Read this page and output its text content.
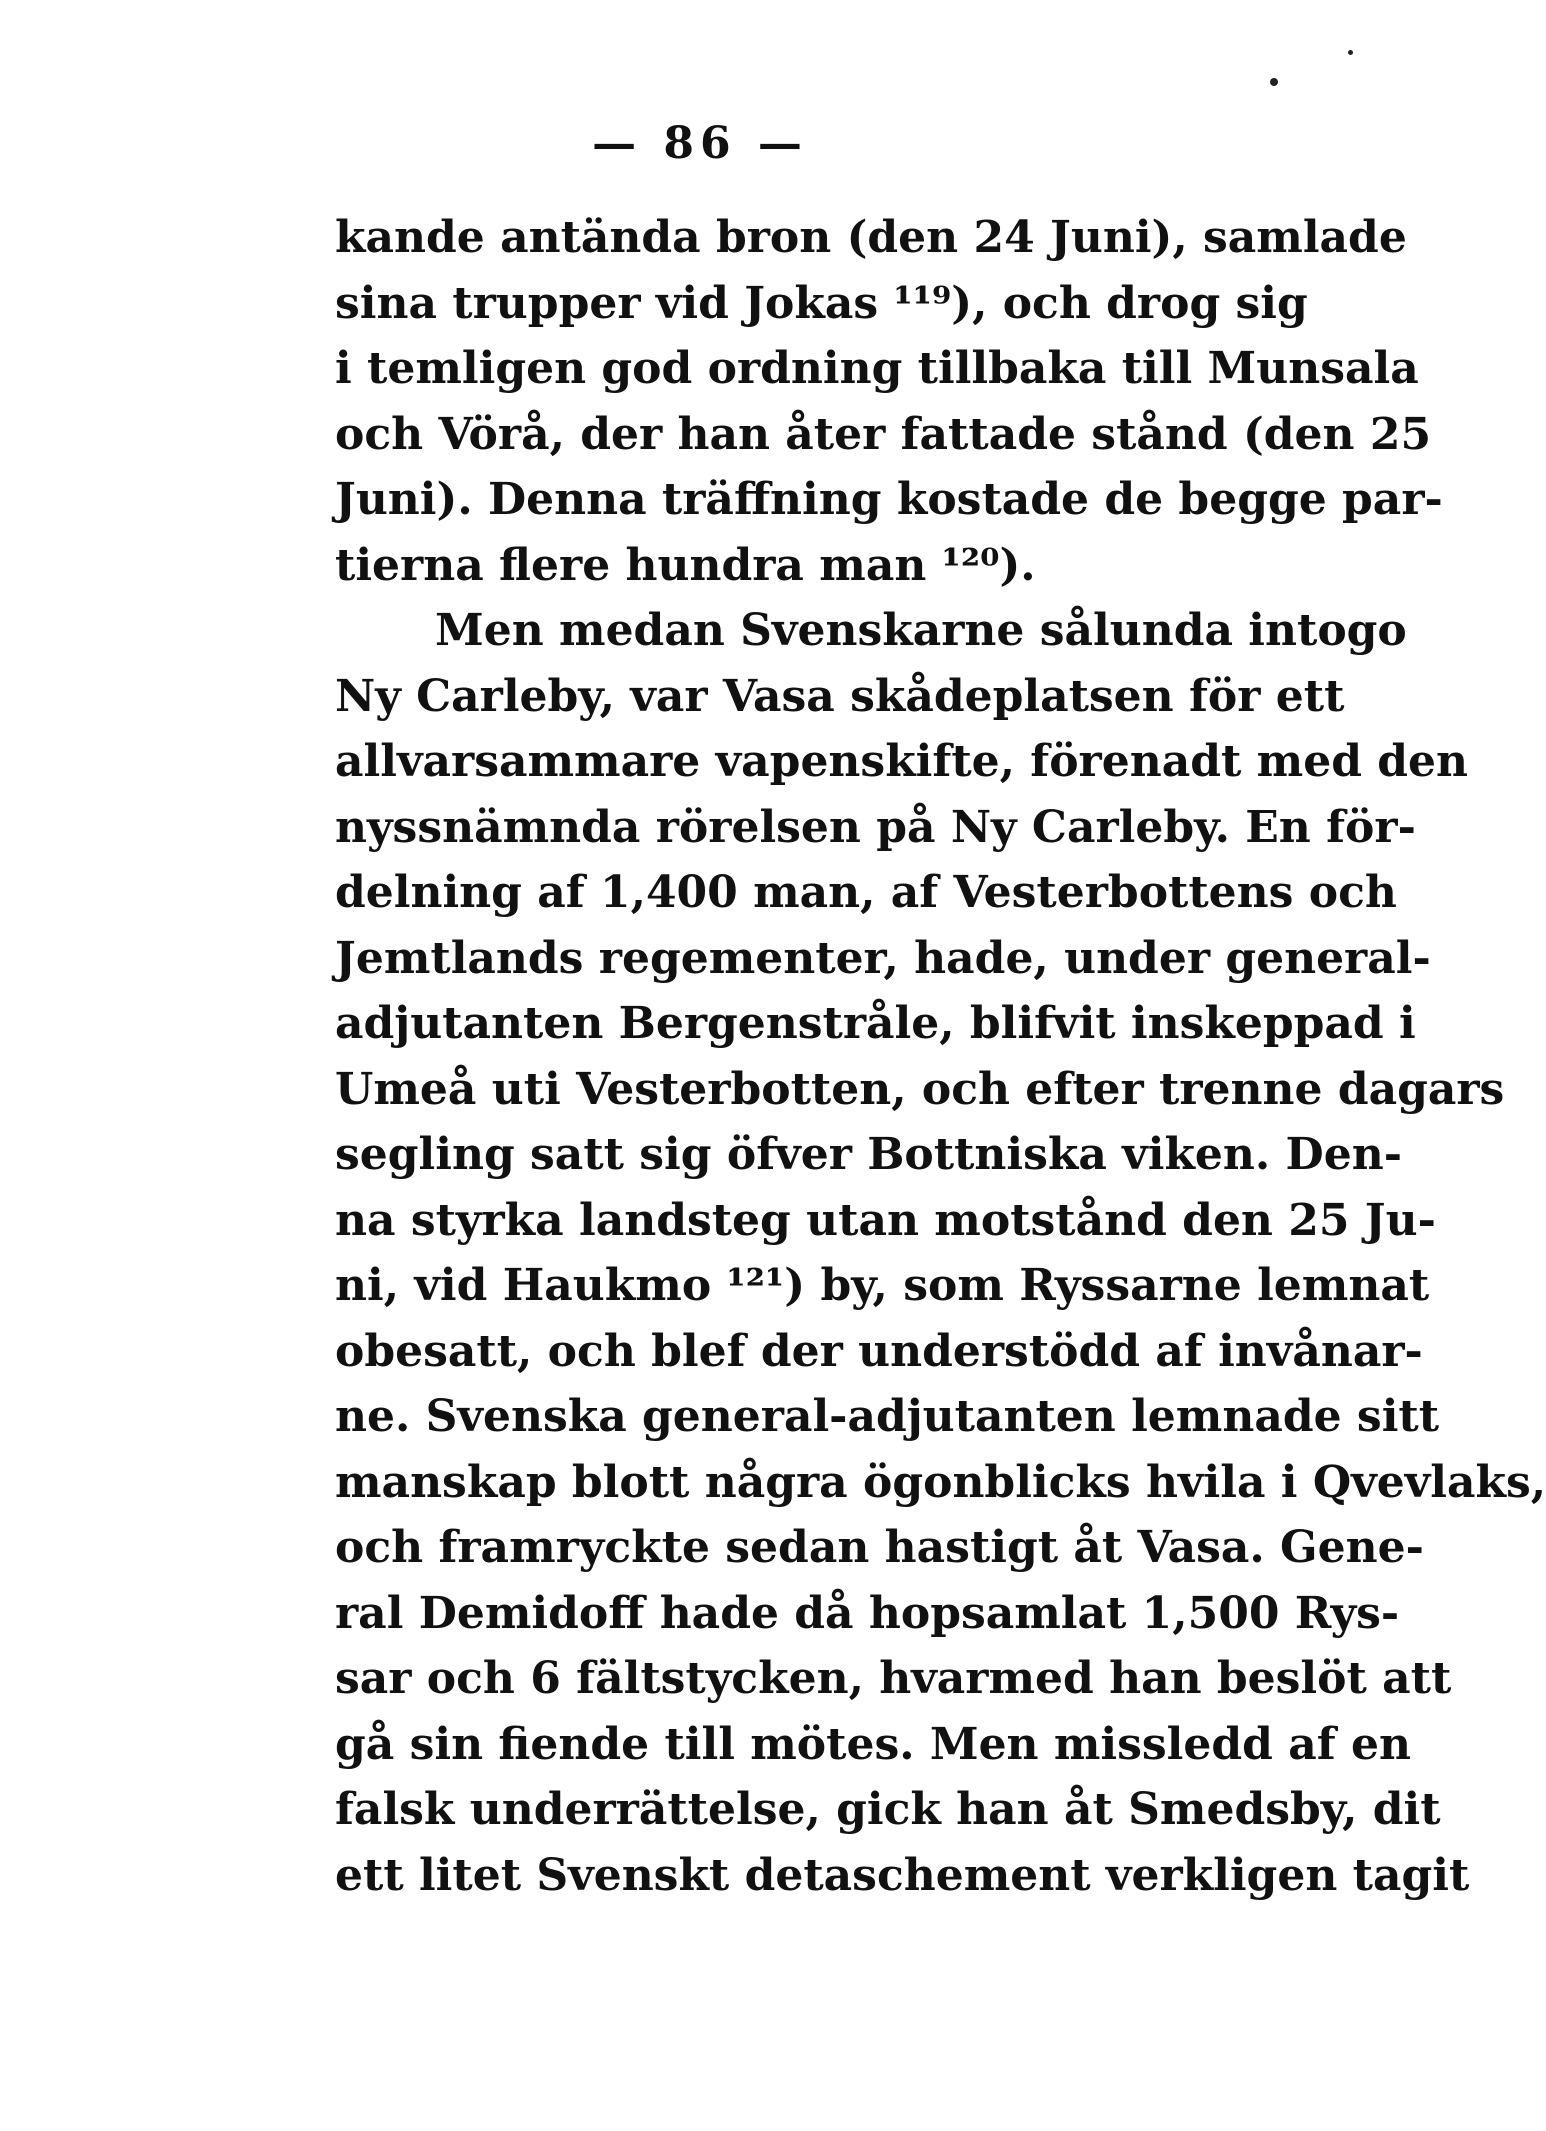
— 86 —
kande antända bron (den 24 Juni), samlade
sina trupper vid Jokas ¹¹⁹), och drog sig
i temligen god ordning tillbaka till Munsala
och Vörå, der han åter fattade stånd (den 25
Juni). Denna träffning kostade de begge par-
tierna flere hundra man ¹²⁰).
Men medan Svenskarne sålunda intogo
Ny Carleby, var Vasa skådeplatsen för ett
allvarsammare vapenskifte, förenadt med den
nyssnämnda rörelsen på Ny Carleby. En för-
delning af 1,400 man, af Vesterbottens och
Jemtlands regementer, hade, under general-
adjutanten Bergenstråle, blifvit inskeppad i
Umeå uti Vesterbotten, och efter trenne dagars
segling satt sig öfver Bottniska viken. Den-
na styrka landsteg utan motstånd den 25 Ju-
ni, vid Haukmo ¹²¹) by, som Ryssarne lemnat
obesatt, och blef der understödd af invånar-
ne. Svenska general-adjutanten lemnade sitt
manskap blott några ögonblicks hvila i Qvevlaks,
och framryckte sedan hastigt åt Vasa. Gene-
ral Demidoff hade då hopsamlat 1,500 Rys-
sar och 6 fältstycken, hvarmed han beslöt att
gå sin fiende till mötes. Men missledd af en
falsk underrättelse, gick han åt Smedsby, dit
ett litet Svenskt detaschement verkligen tagit
